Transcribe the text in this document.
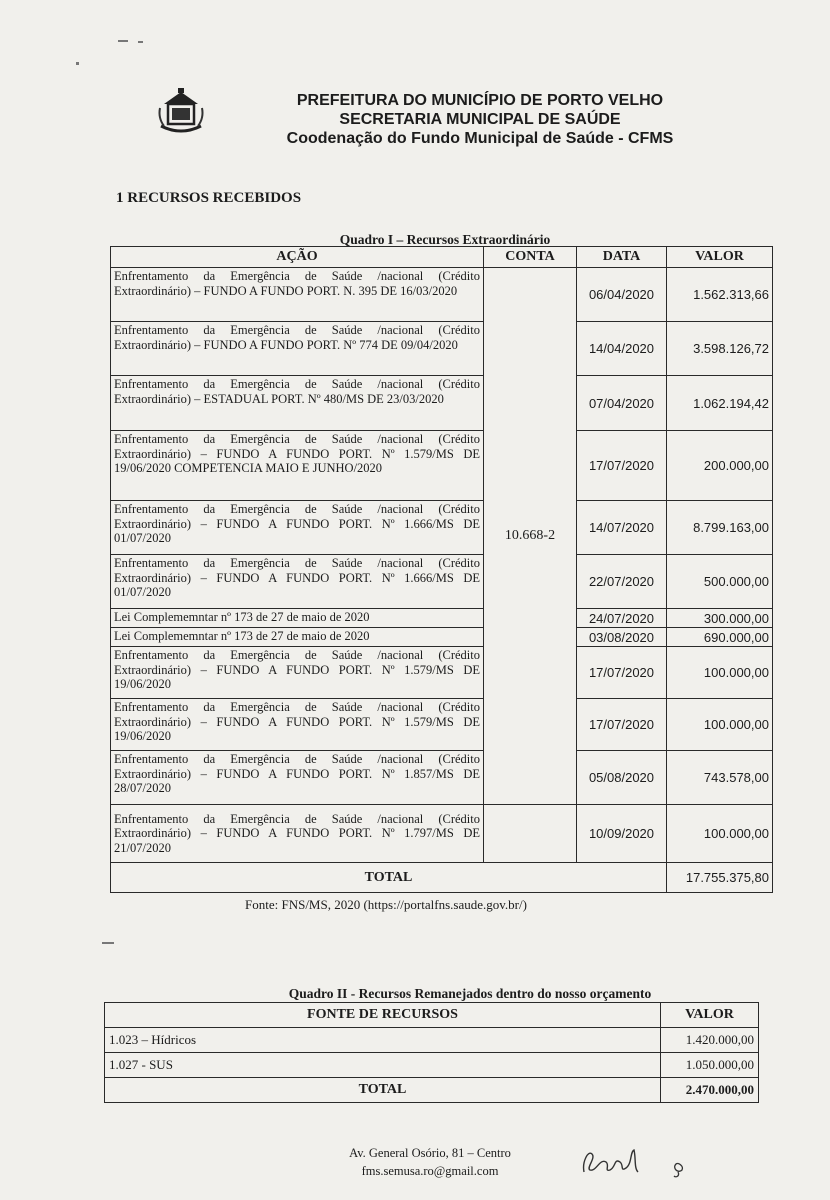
PREFEITURA DO MUNICÍPIO DE PORTO VELHO
SECRETARIA MUNICIPAL DE SAÚDE
Coodenação do Fundo Municipal de Saúde - CFMS
1 RECURSOS RECEBIDOS
Quadro I – Recursos Extraordinário
AÇÃO	CONTA	DATA	VALOR
Enfrentamento da Emergência de Saúde /nacional (Crédito Extraordinário) – FUNDO A FUNDO PORT. N. 395 DE 16/03/2020	10.668-2	06/04/2020	1.562.313,66
Enfrentamento da Emergência de Saúde /nacional (Crédito Extraordinário) – FUNDO A FUNDO PORT. Nº 774 DE 09/04/2020		14/04/2020	3.598.126,72
Enfrentamento da Emergência de Saúde /nacional (Crédito Extraordinário) – ESTADUAL PORT. Nº 480/MS DE 23/03/2020		07/04/2020	1.062.194,42
Enfrentamento da Emergência de Saúde /nacional (Crédito Extraordinário) – FUNDO A FUNDO PORT. Nº 1.579/MS DE 19/06/2020 COMPETENCIA MAIO E JUNHO/2020		17/07/2020	200.000,00
Enfrentamento da Emergência de Saúde /nacional (Crédito Extraordinário) – FUNDO A FUNDO PORT. Nº 1.666/MS DE 01/07/2020		14/07/2020	8.799.163,00
Enfrentamento da Emergência de Saúde /nacional (Crédito Extraordinário) – FUNDO A FUNDO PORT. Nº 1.666/MS DE 01/07/2020		22/07/2020	500.000,00
Lei Complememntar nº 173 de 27 de maio de 2020		24/07/2020	300.000,00
Lei Complememntar nº 173 de 27 de maio de 2020		03/08/2020	690.000,00
Enfrentamento da Emergência de Saúde /nacional (Crédito Extraordinário) – FUNDO A FUNDO PORT. Nº 1.579/MS DE 19/06/2020		17/07/2020	100.000,00
Enfrentamento da Emergência de Saúde /nacional (Crédito Extraordinário) – FUNDO A FUNDO PORT. Nº 1.579/MS DE 19/06/2020		17/07/2020	100.000,00
Enfrentamento da Emergência de Saúde /nacional (Crédito Extraordinário) – FUNDO A FUNDO PORT. Nº 1.857/MS DE 28/07/2020		05/08/2020	743.578,00
Enfrentamento da Emergência de Saúde /nacional (Crédito Extraordinário) – FUNDO A FUNDO PORT. Nº 1.797/MS DE 21/07/2020		10/09/2020	100.000,00
TOTAL			17.755.375,80
Fonte: FNS/MS, 2020 (https://portalfns.saude.gov.br/)
Quadro II - Recursos Remanejados dentro do nosso orçamento
FONTE DE RECURSOS	VALOR
1.023 – Hídricos	1.420.000,00
1.027 - SUS	1.050.000,00
TOTAL	2.470.000,00
Av. General Osório, 81 – Centro
fms.semusa.ro@gmail.com
